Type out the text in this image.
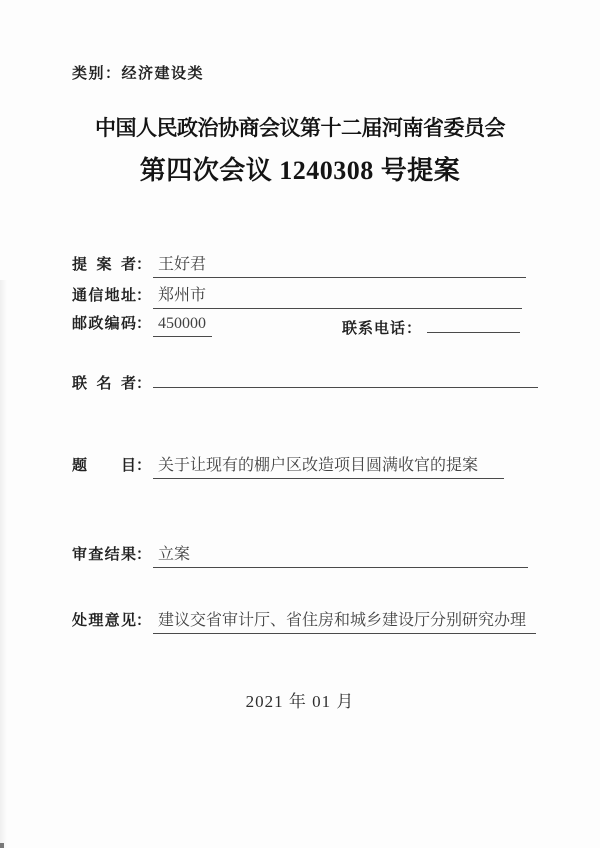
类别：经济建设类
中国人民政治协商会议第十二届河南省委员会
第四次会议 1240308 号提案
提案者： 王好君
通信地址： 郑州市
邮政编码： 450000	联系电话：
联名者：
题目： 关于让现有的棚户区改造项目圆满收官的提案
审查结果： 立案
处理意见： 建议交省审计厅、省住房和城乡建设厅分别研究办理
2021 年 01 月
